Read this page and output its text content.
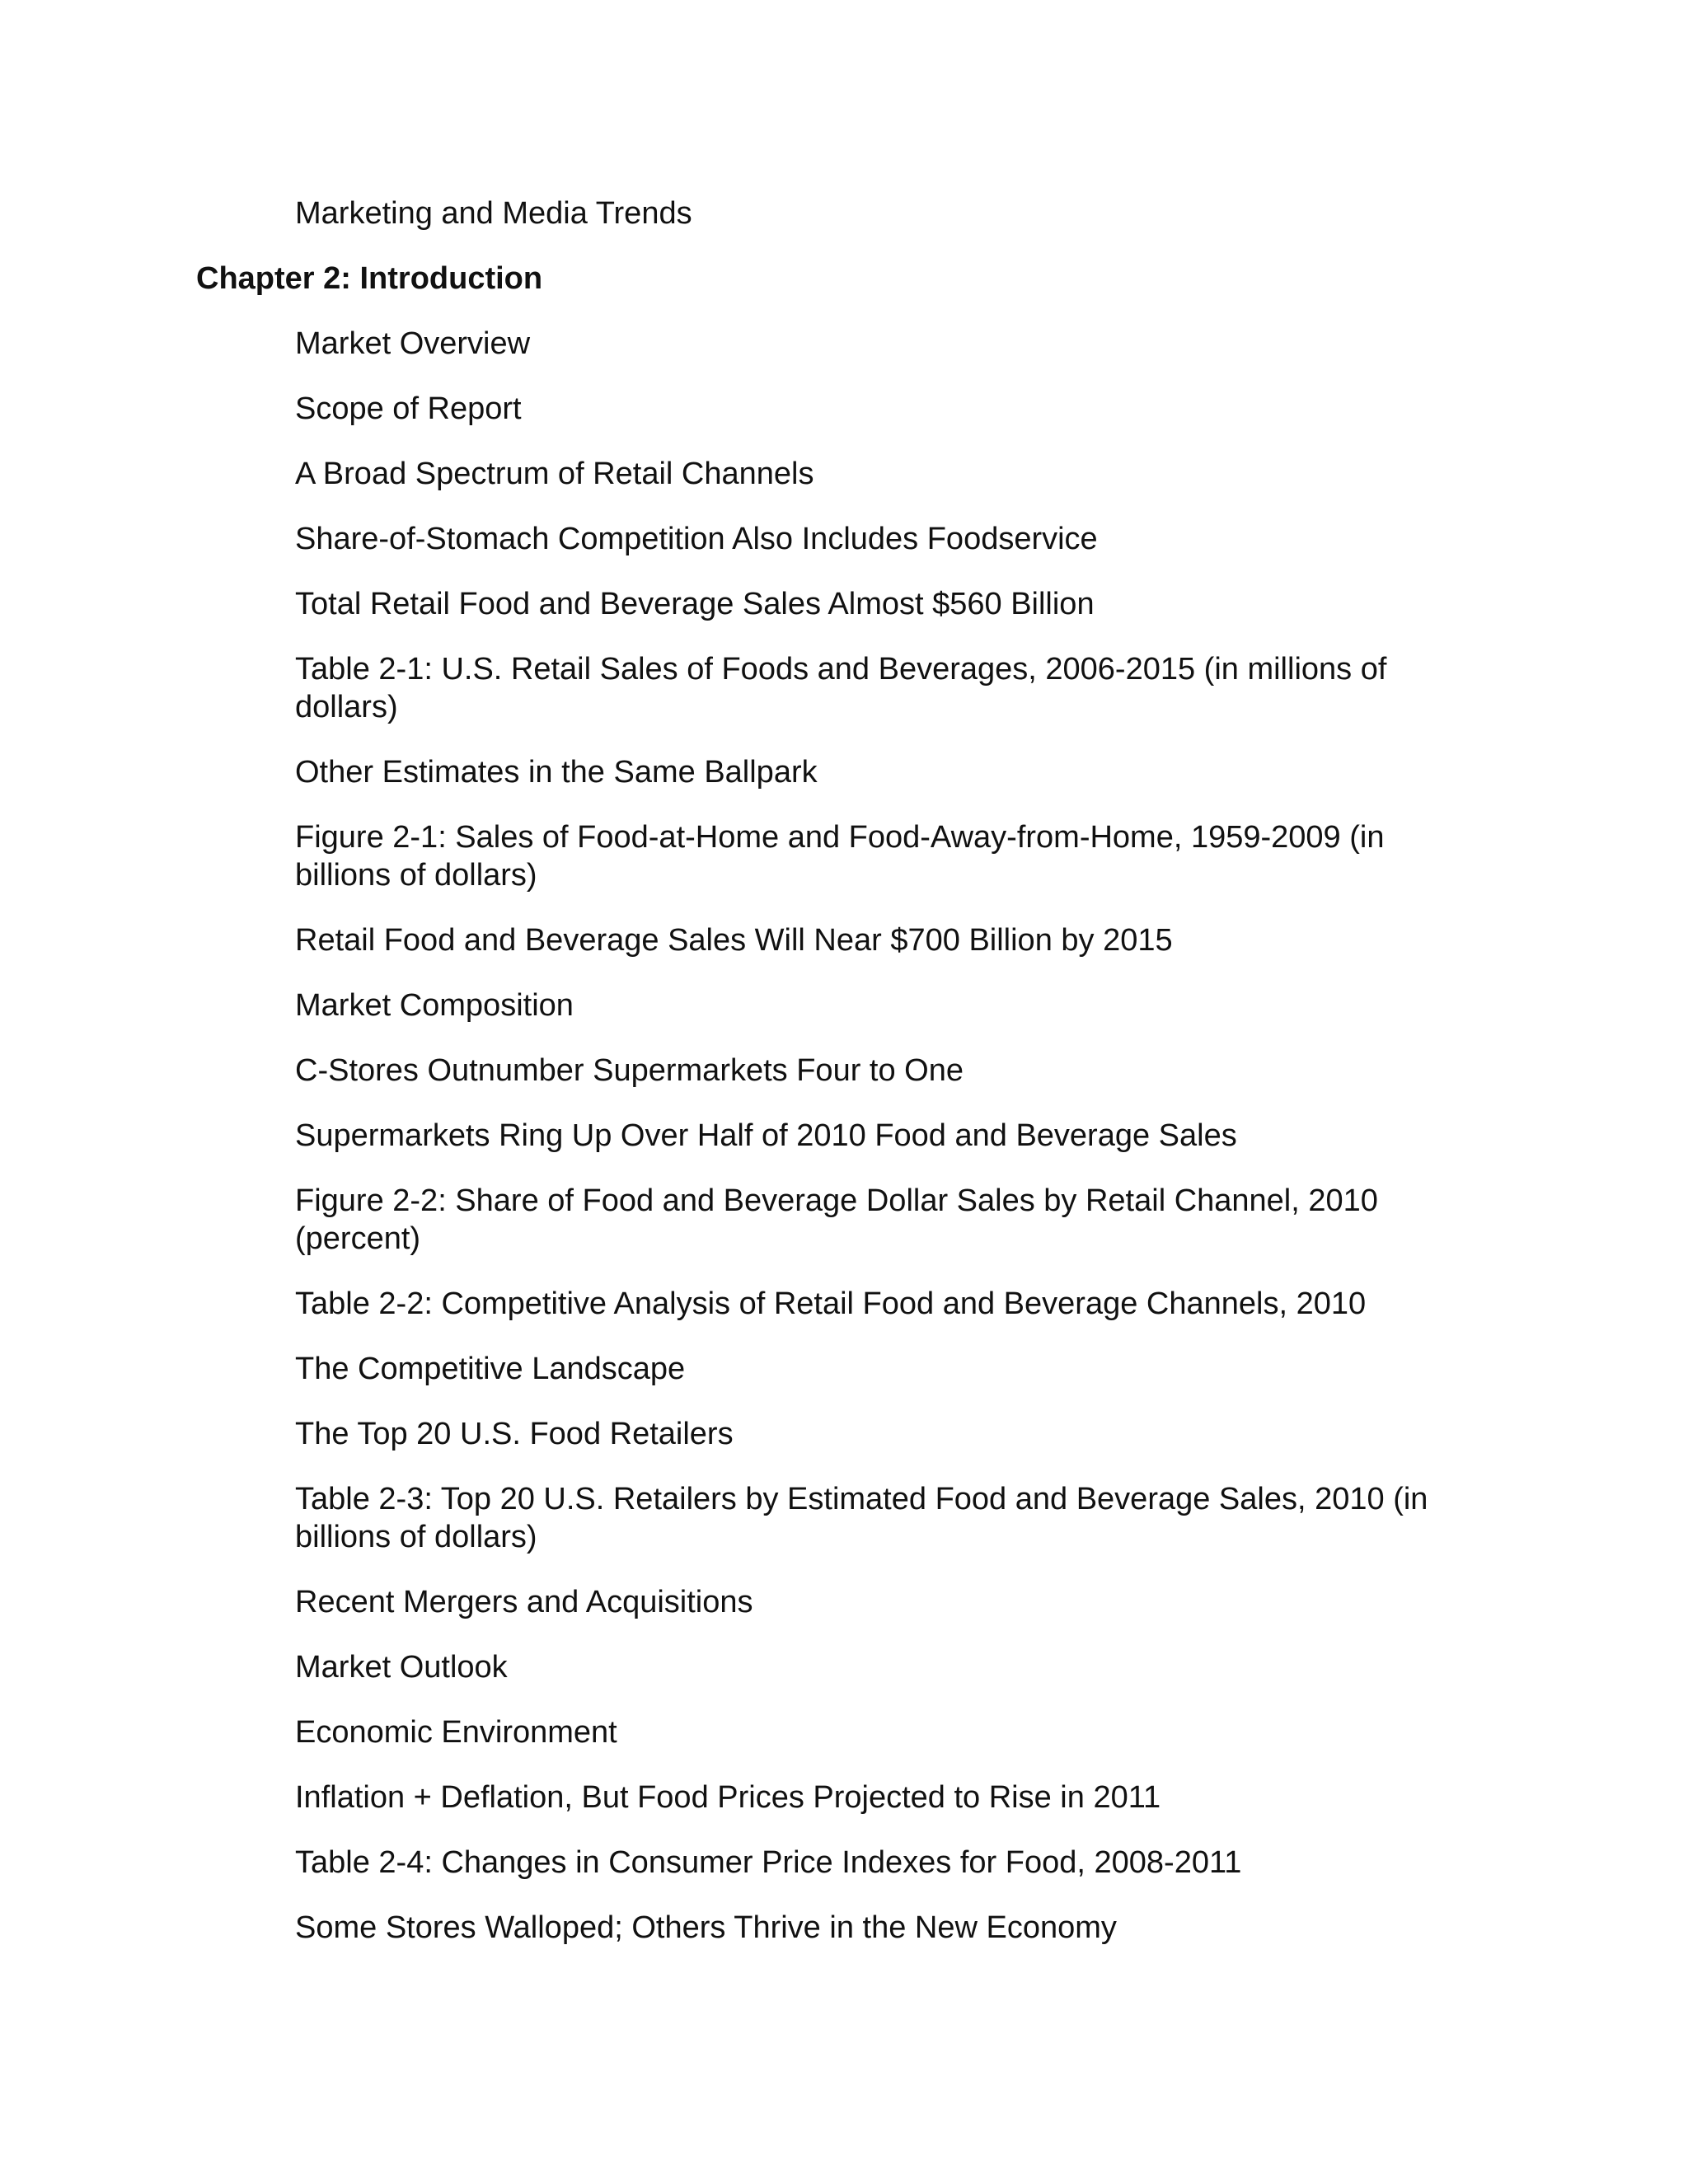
Marketing and Media Trends
Chapter 2: Introduction
Market Overview
Scope of Report
A Broad Spectrum of Retail Channels
Share-of-Stomach Competition Also Includes Foodservice
Total Retail Food and Beverage Sales Almost $560 Billion
Table 2-1: U.S. Retail Sales of Foods and Beverages, 2006-2015 (in millions of dollars)
Other Estimates in the Same Ballpark
Figure 2-1: Sales of Food-at-Home and Food-Away-from-Home, 1959-2009 (in billions of dollars)
Retail Food and Beverage Sales Will Near $700 Billion by 2015
Market Composition
C-Stores Outnumber Supermarkets Four to One
Supermarkets Ring Up Over Half of 2010 Food and Beverage Sales
Figure 2-2: Share of Food and Beverage Dollar Sales by Retail Channel, 2010 (percent)
Table 2-2: Competitive Analysis of Retail Food and Beverage Channels, 2010
The Competitive Landscape
The Top 20 U.S. Food Retailers
Table 2-3: Top 20 U.S. Retailers by Estimated Food and Beverage Sales, 2010 (in billions of dollars)
Recent Mergers and Acquisitions
Market Outlook
Economic Environment
Inflation + Deflation, But Food Prices Projected to Rise in 2011
Table 2-4: Changes in Consumer Price Indexes for Food, 2008-2011
Some Stores Walloped; Others Thrive in the New Economy
